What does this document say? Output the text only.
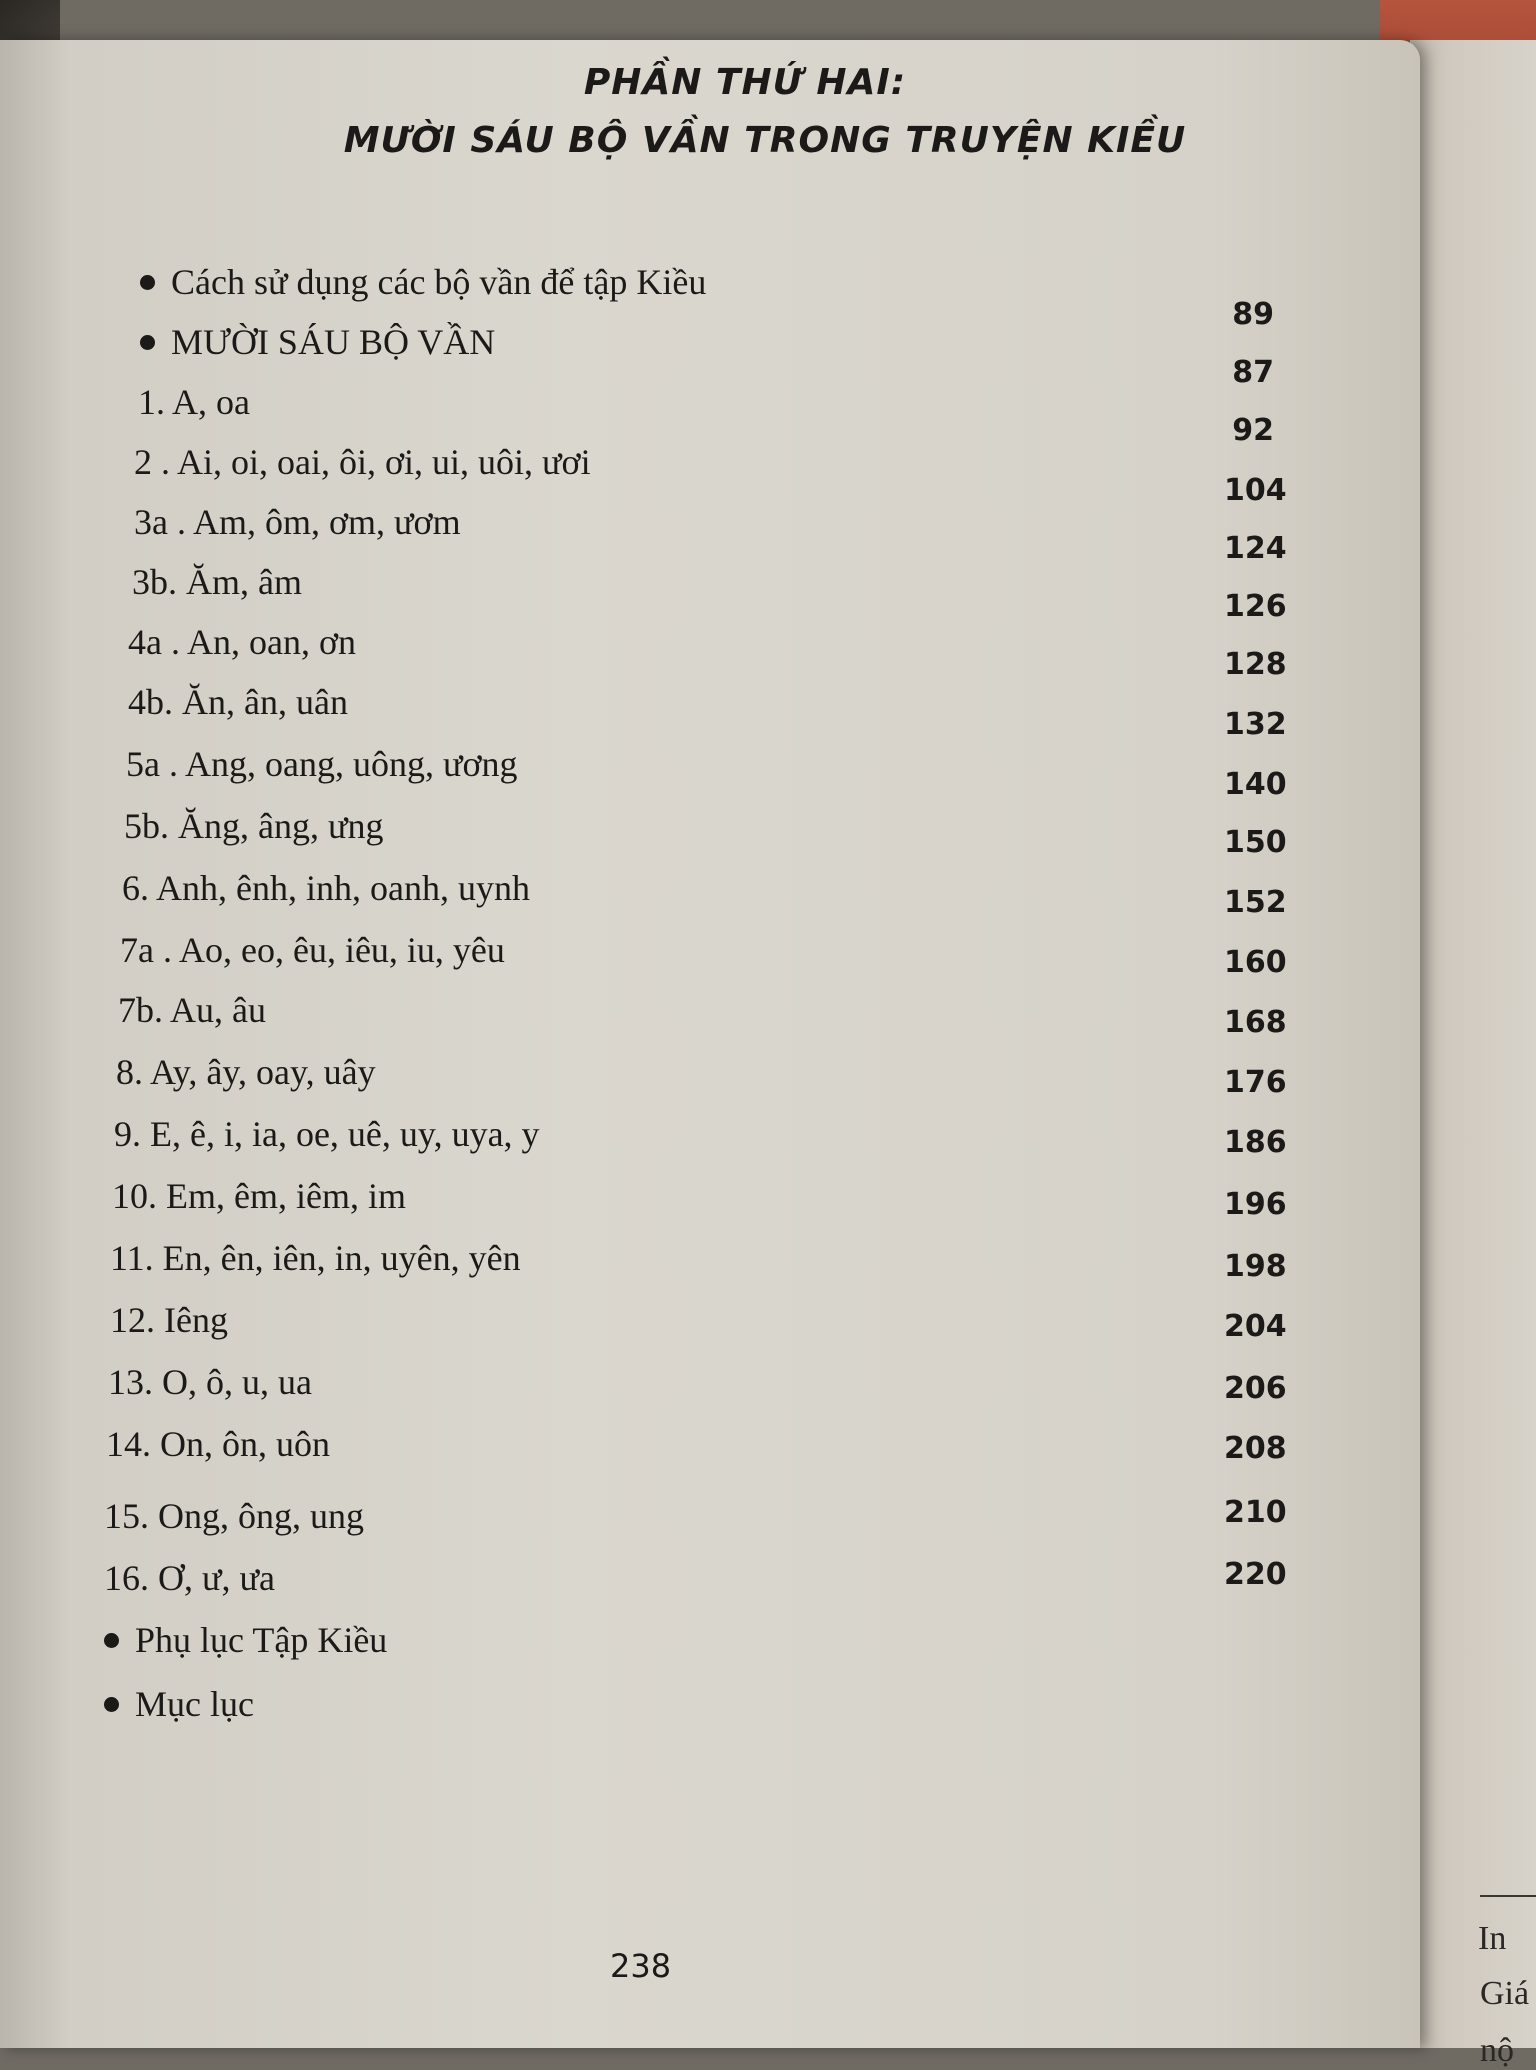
In
Giá
nộ
PHẦN THỨ HAI:
MƯỜI SÁU BỘ VẦN TRONG TRUYỆN KIỀU
Cách sử dụng các bộ vần để tập Kiều
MƯỜI SÁU BỘ VẦN
1. A, oa
2 . Ai, oi, oai, ôi, ơi, ui, uôi, ươi
3a . Am, ôm, ơm, ươm
3b. Ăm, âm
4a . An, oan, ơn
4b. Ăn, ân, uân
5a . Ang, oang, uông, ương
5b. Ăng, âng, ưng
6. Anh, ênh, inh, oanh, uynh
7a . Ao, eo, êu, iêu, iu, yêu
7b. Au, âu
8. Ay, ây, oay, uây
9. E, ê, i, ia, oe, uê, uy, uya, y
10. Em, êm, iêm, im
11. En, ên, iên, in, uyên, yên
12. Iêng
13. O, ô, u, ua
14. On, ôn, uôn
15. Ong, ông, ung
16. Ơ, ư, ưa
Phụ lục Tập Kiều
Mục lục
89
87
92
104
124
126
128
132
140
150
152
160
168
176
186
196
198
204
206
208
210
220
238
